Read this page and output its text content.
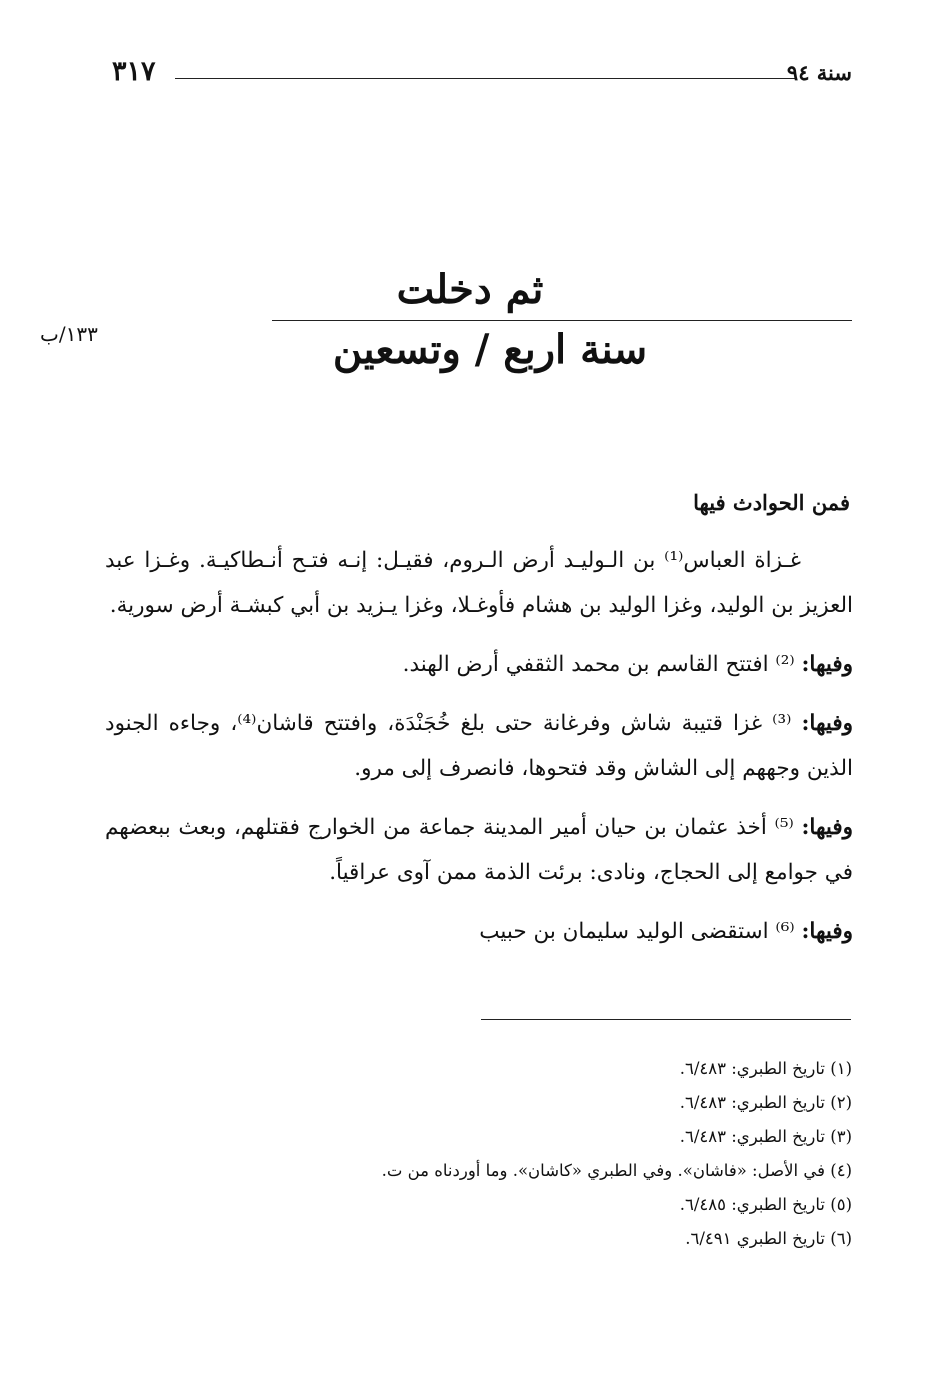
٣١٧	سنة ٩٤
ثم دخلت
سنة اربع / وتسعين
١٣٣/ب
فمن الحوادث فيها

غـزاة العباس⁽¹⁾ بن الـوليـد أرض الـروم، فقيـل: إنـه فتـح أنـطاكيـة. وغـزا عبد العزيز بن الوليد، وغزا الوليد بن هشام فأوغـلا، وغزا يـزيد بن أبي كبشـة أرض سورية.

وفيها: ⁽²⁾ افتتح القاسم بن محمد الثقفي أرض الهند.

وفيها: ⁽³⁾ غزا قتيبة شاش وفرغانة حتى بلغ خُجَنْدَة، وافتتح قاشان⁽⁴⁾، وجاءه الجنود الذين وجههم إلى الشاش وقد فتحوها، فانصرف إلى مرو.

وفيها: ⁽⁵⁾ أخذ عثمان بن حيان أمير المدينة جماعة من الخوارج فقتلهم، وبعث ببعضهم في جوامع إلى الحجاج، ونادى: برئت الذمة ممن آوى عراقياً.

وفيها: ⁽⁶⁾ استقضى الوليد سليمان بن حبيب

(١) تاريخ الطبري: ٦/٤٨٣.
(٢) تاريخ الطبري: ٦/٤٨٣.
(٣) تاريخ الطبري: ٦/٤٨٣.
(٤) في الأصل: «فاشان». وفي الطبري «كاشان». وما أوردناه من ت.
(٥) تاريخ الطبري: ٦/٤٨٥.
(٦) تاريخ الطبري ٦/٤٩١.
